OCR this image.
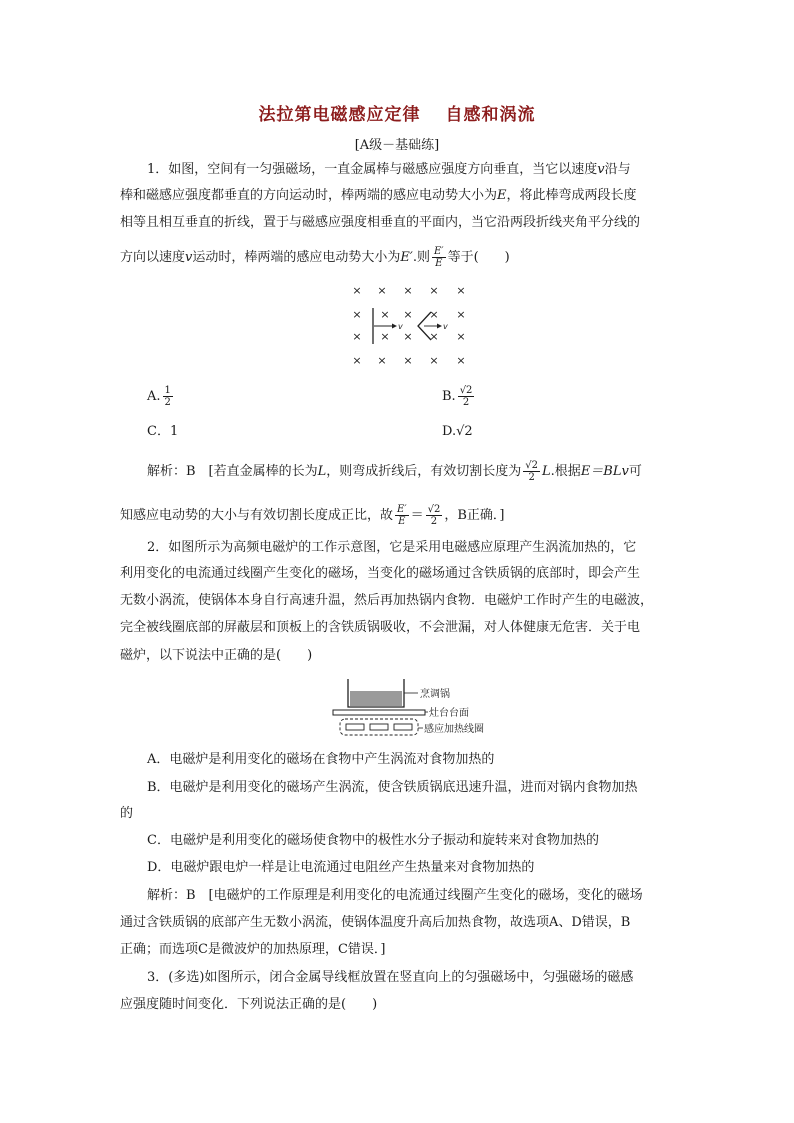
法拉第电磁感应定律　 自感和涡流
[A级－基础练]
1．如图，空间有一匀强磁场，一直金属棒与磁感应强度方向垂直，当它以速度v沿与
棒和磁感应强度都垂直的方向运动时，棒两端的感应电动势大小为E，将此棒弯成两段长度
相等且相互垂直的折线，置于与磁感应强度相垂直的平面内，当它沿两段折线夹角平分线的
方向以速度v运动时，棒两端的感应电动势大小为E′.则 $\frac{E'}{E}$ 等于(　　)
× × × × ×
× × × × ×
× × × × ×
× × × × ×
v	v
A. $\frac{1}{2}$	B. $\frac{√2}{2}$
C．1	D.√2
解析：B　[若直金属棒的长为L，则弯成折线后，有效切割长度为 $\frac{√2}{2} L$.根据E＝BLv可
知感应电动势的大小与有效切割长度成正比，故 $\frac{E'}{E} = \frac{√2}{2}$ ，B正确．]
2．如图所示为高频电磁炉的工作示意图，它是采用电磁感应原理产生涡流加热的，它
利用变化的电流通过线圈产生变化的磁场，当变化的磁场通过含铁质锅的底部时，即会产生
无数小涡流，使锅体本身自行高速升温，然后再加热锅内食物．电磁炉工作时产生的电磁波，
完全被线圈底部的屏蔽层和顶板上的含铁质锅吸收，不会泄漏，对人体健康无危害．关于电
磁炉，以下说法中正确的是(　　)
烹调锅
灶台台面
感应加热线圈
A．电磁炉是利用变化的磁场在食物中产生涡流对食物加热的
B．电磁炉是利用变化的磁场产生涡流，使含铁质锅底迅速升温，进而对锅内食物加热
的
C．电磁炉是利用变化的磁场使食物中的极性水分子振动和旋转来对食物加热的
D．电磁炉跟电炉一样是让电流通过电阻丝产生热量来对食物加热的
解析：B　[电磁炉的工作原理是利用变化的电流通过线圈产生变化的磁场，变化的磁场
通过含铁质锅的底部产生无数小涡流，使锅体温度升高后加热食物，故选项A、D错误，B
正确；而选项C是微波炉的加热原理，C错误．]
3．(多选)如图所示，闭合金属导线框放置在竖直向上的匀强磁场中，匀强磁场的磁感
应强度随时间变化．下列说法正确的是(　　)
